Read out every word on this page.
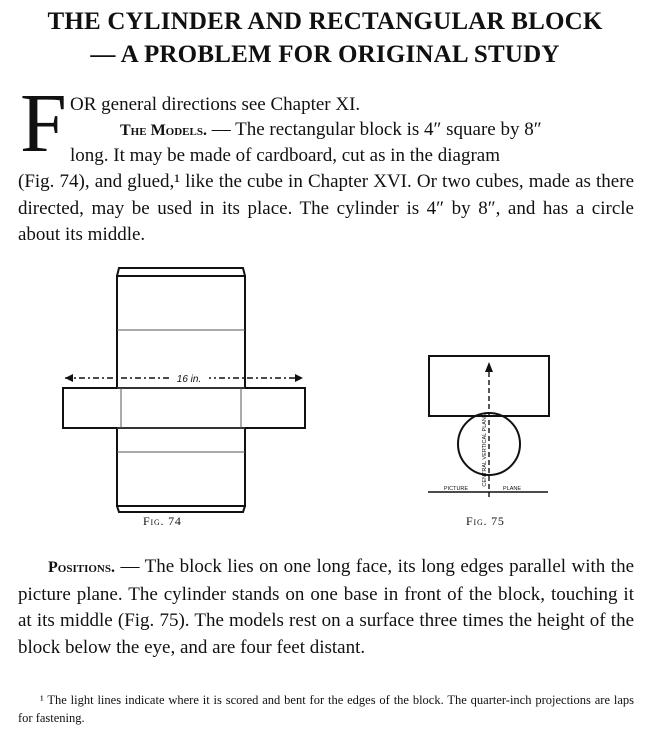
THE CYLINDER AND RECTANGULAR BLOCK
— A PROBLEM FOR ORIGINAL STUDY
F OR general directions see Chapter XI.
The Models. — The rectangular block is 4″ square by 8″
long. It may be made of cardboard, cut as in the diagram
(Fig. 74), and glued,¹ like the cube in Chapter XVI. Or two cubes, made as there directed, may be used in its place. The cylinder is 4″ by 8″, and has a circle about its middle.
16 in.
Fig. 74
CENTRAL VERTICAL PLANE
PICTURE	PLANE
Fig. 75
Positions. — The block lies on one long face, its long edges parallel with the picture plane. The cylinder stands on one base in front of the block, touching it at its middle (Fig. 75). The models rest on a surface three times the height of the block below the eye, and are four feet distant.
¹ The light lines indicate where it is scored and bent for the edges of the block. The quarter-inch projections are laps for fastening.
